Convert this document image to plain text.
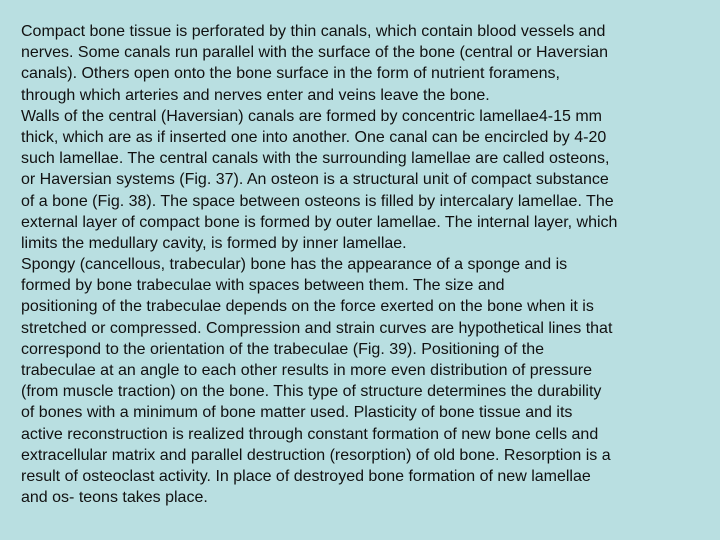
Compact bone tissue is perforated by thin canals, which contain blood vessels and
nerves. Some canals run parallel with the surface of the bone (central or Haversian
canals). Others open onto the bone surface in the form of nutrient foramens,
through which arteries and nerves enter and veins leave the bone.
Walls of the central (Haversian) canals are formed by concentric lamellae4-15 mm
thick, which are as if inserted one into another. One canal can be encircled by 4-20
such lamellae. The central canals with the surrounding lamellae are called osteons,
or Haversian systems (Fig. 37). An osteon is a structural unit of compact substance
of a bone (Fig. 38). The space between osteons is filled by intercalary lamellae. The
external layer of compact bone is formed by outer lamellae. The internal layer, which
limits the medullary cavity, is formed by inner lamellae.
Spongy (cancellous, trabecular) bone has the appearance of a sponge and is
formed by bone trabeculae with spaces between them. The size and
positioning of the trabeculae depends on the force exerted on the bone when it is
stretched or compressed. Compression and strain curves are hypothetical lines that
correspond to the orientation of the trabeculae (Fig. 39). Positioning of the
trabeculae at an angle to each other results in more even distribution of pressure
(from muscle traction) on the bone. This type of structure determines the durability
of bones with a minimum of bone matter used. Plasticity of bone tissue and its
active reconstruction is realized through constant formation of new bone cells and
extracellular matrix and parallel destruction (resorption) of old bone. Resorption is a
result of osteoclast activity. In place of destroyed bone formation of new lamellae
and os- teons takes place.
